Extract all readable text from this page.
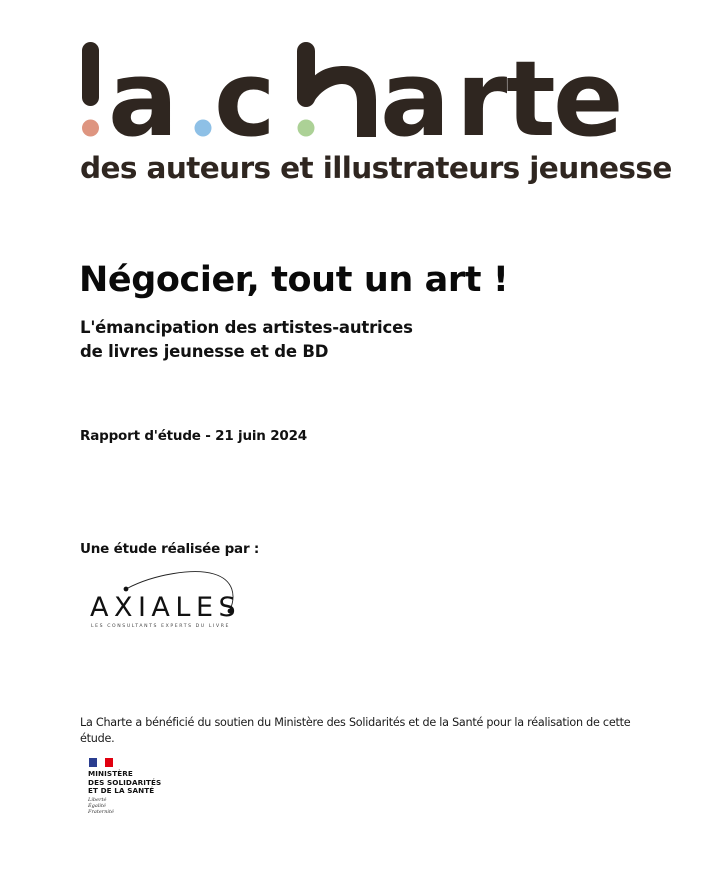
a c a r
t
e

des auteurs et illustrateurs jeunesse

Négocier, tout un art !
L'émancipation des artistes-autrices
de livres jeunesse et de BD

Rapport d'étude - 21 juin 2024

Une étude réalisée par :

AXIALES

LES CONSULTANTS EXPERTS DU LIVRE

La Charte a bénéficié du soutien du Ministère des Solidarités et de la Santé pour la réalisation de cette étude.

MINISTÈRE
DES SOLIDARITÉS
ET DE LA SANTÉ

Liberté
Égalité
Fraternité
